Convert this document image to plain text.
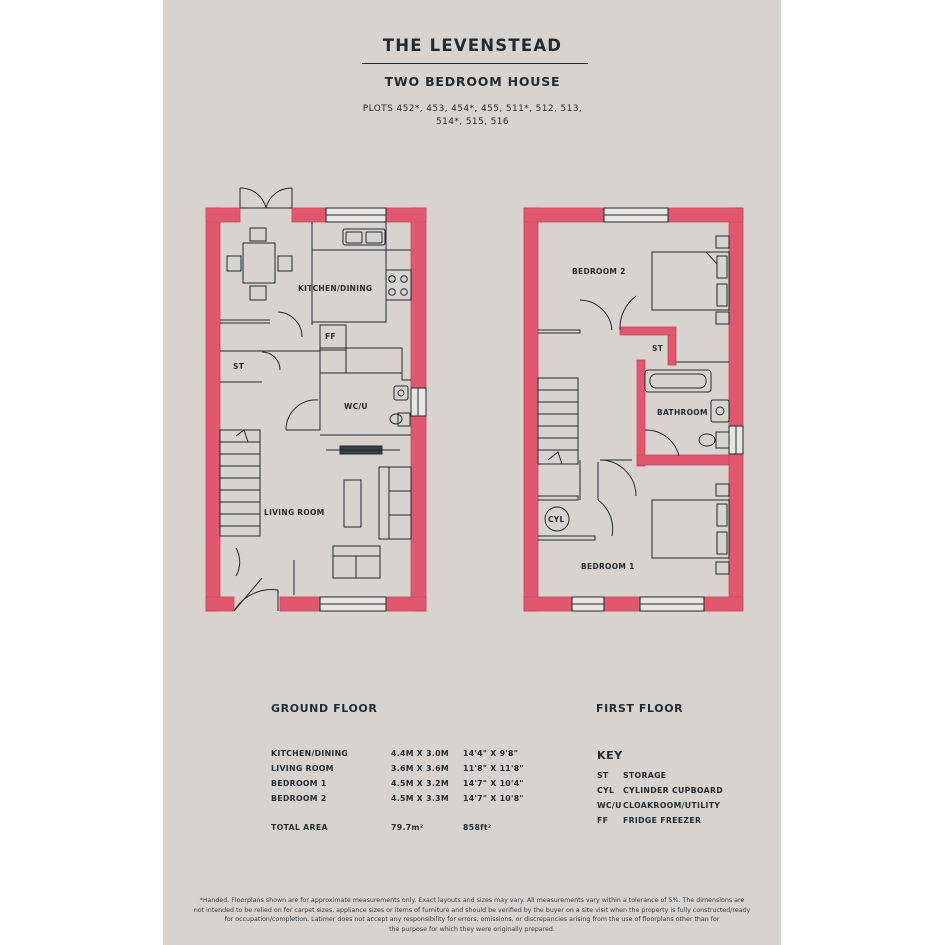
THE LEVENSTEAD
TWO BEDROOM HOUSE
PLOTS 452*, 453, 454*, 455, 511*, 512, 513,
514*, 515, 516
KITCHEN/DINING
FF
ST
WC/U
LIVING ROOM
BEDROOM 2
ST
BATHROOM
CYL
BEDROOM 1
GROUND FLOOR	FIRST FLOOR
KITCHEN/DINING	4.4M X 3.0M 14'4" X 9'8"
LIVING ROOM	3.6M X 3.6M 11'8" X 11'8"
BEDROOM 1	4.5M X 3.2M 14'7" X 10'4"
BEDROOM 2	4.5M X 3.3M 14'7" X 10'8"
TOTAL AREA	79.7m²	858ft²
KEY
ST STORAGE
CYL CYLINDER CUPBOARD
WC/U CLOAKROOM/UTILITY
FF FRIDGE FREEZER
*Handed. Floorplans shown are for approximate measurements only. Exact layouts and sizes may vary. All measurements vary within a tolerance of 5%. The dimensions are
not intended to be relied on for carpet sizes, appliance sizes or items of furniture and should be verified by the buyer on a site visit when the property is fully constructed/ready
for occupation/completion. Latimer does not accept any responsibility for errors, omissions, or discrepancies arising from the use of floorplans other than for
the purpose for which they were originally prepared.
